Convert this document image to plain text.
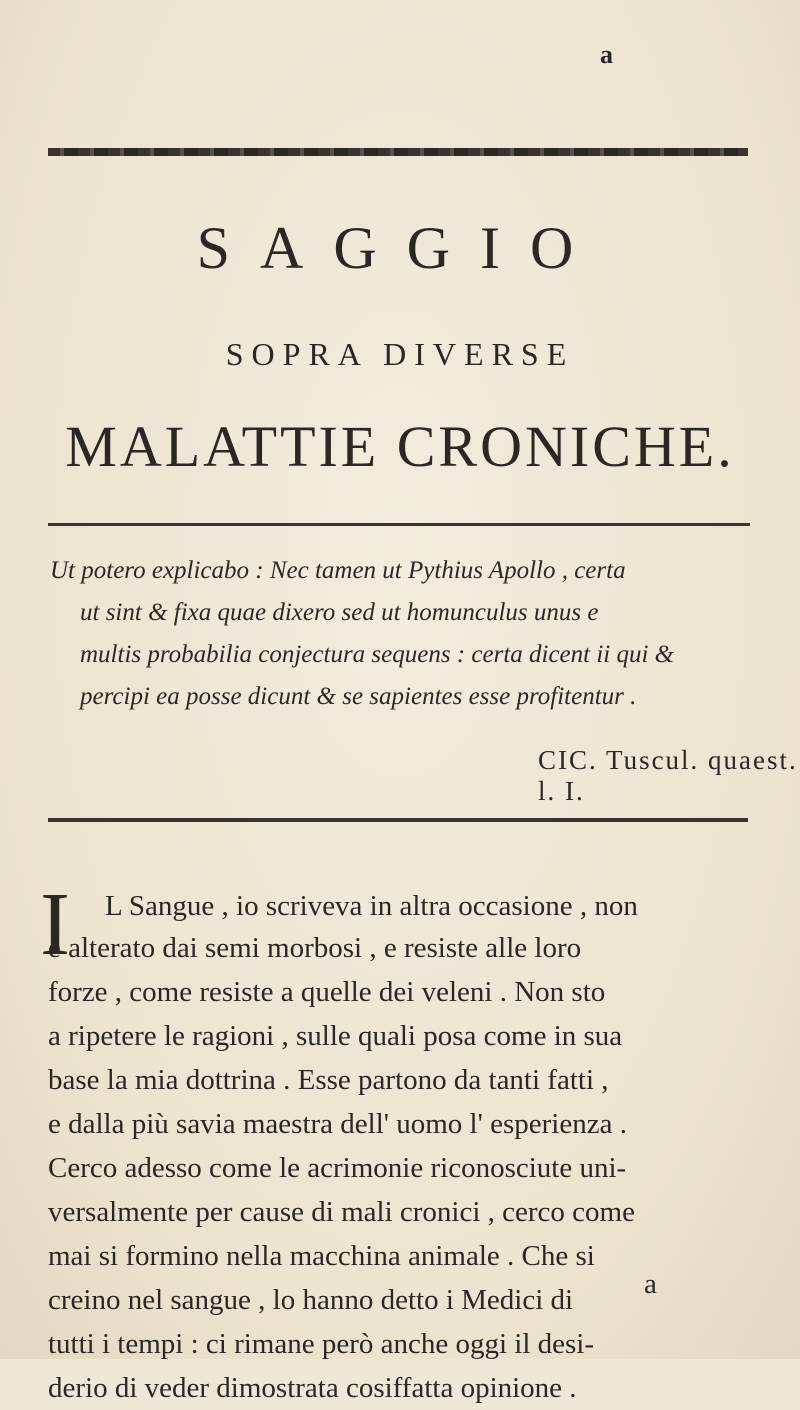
a
SAGGIO
SOPRA DIVERSE
MALATTIE CRONICHE.
Ut potero explicabo : Nec tamen ut Pythius Apollo , certa
ut sint & fixa quae dixero sed ut homunculus unus e
multis probabilia conjectura sequens : certa dicent ii qui &
percipi ea posse dicunt & se sapientes esse profitentur .
CIC. Tuscul. quaest. l. I.
I L Sangue , io scriveva in altra occasione , non
è alterato dai semi morbosi , e resiste alle loro
forze , come resiste a quelle dei veleni . Non sto
a ripetere le ragioni , sulle quali posa come in sua
base la mia dottrina . Esse partono da tanti fatti ,
e dalla più savia maestra dell' uomo l' esperienza .
Cerco adesso come le acrimonie riconosciute uni-
versalmente per cause di mali cronici , cerco come
mai si formino nella macchina animale . Che si
creino nel sangue , lo hanno detto i Medici di
tutti i tempi : ci rimane però anche oggi il desi-
derio di veder dimostrata cosiffatta opinione .
a
